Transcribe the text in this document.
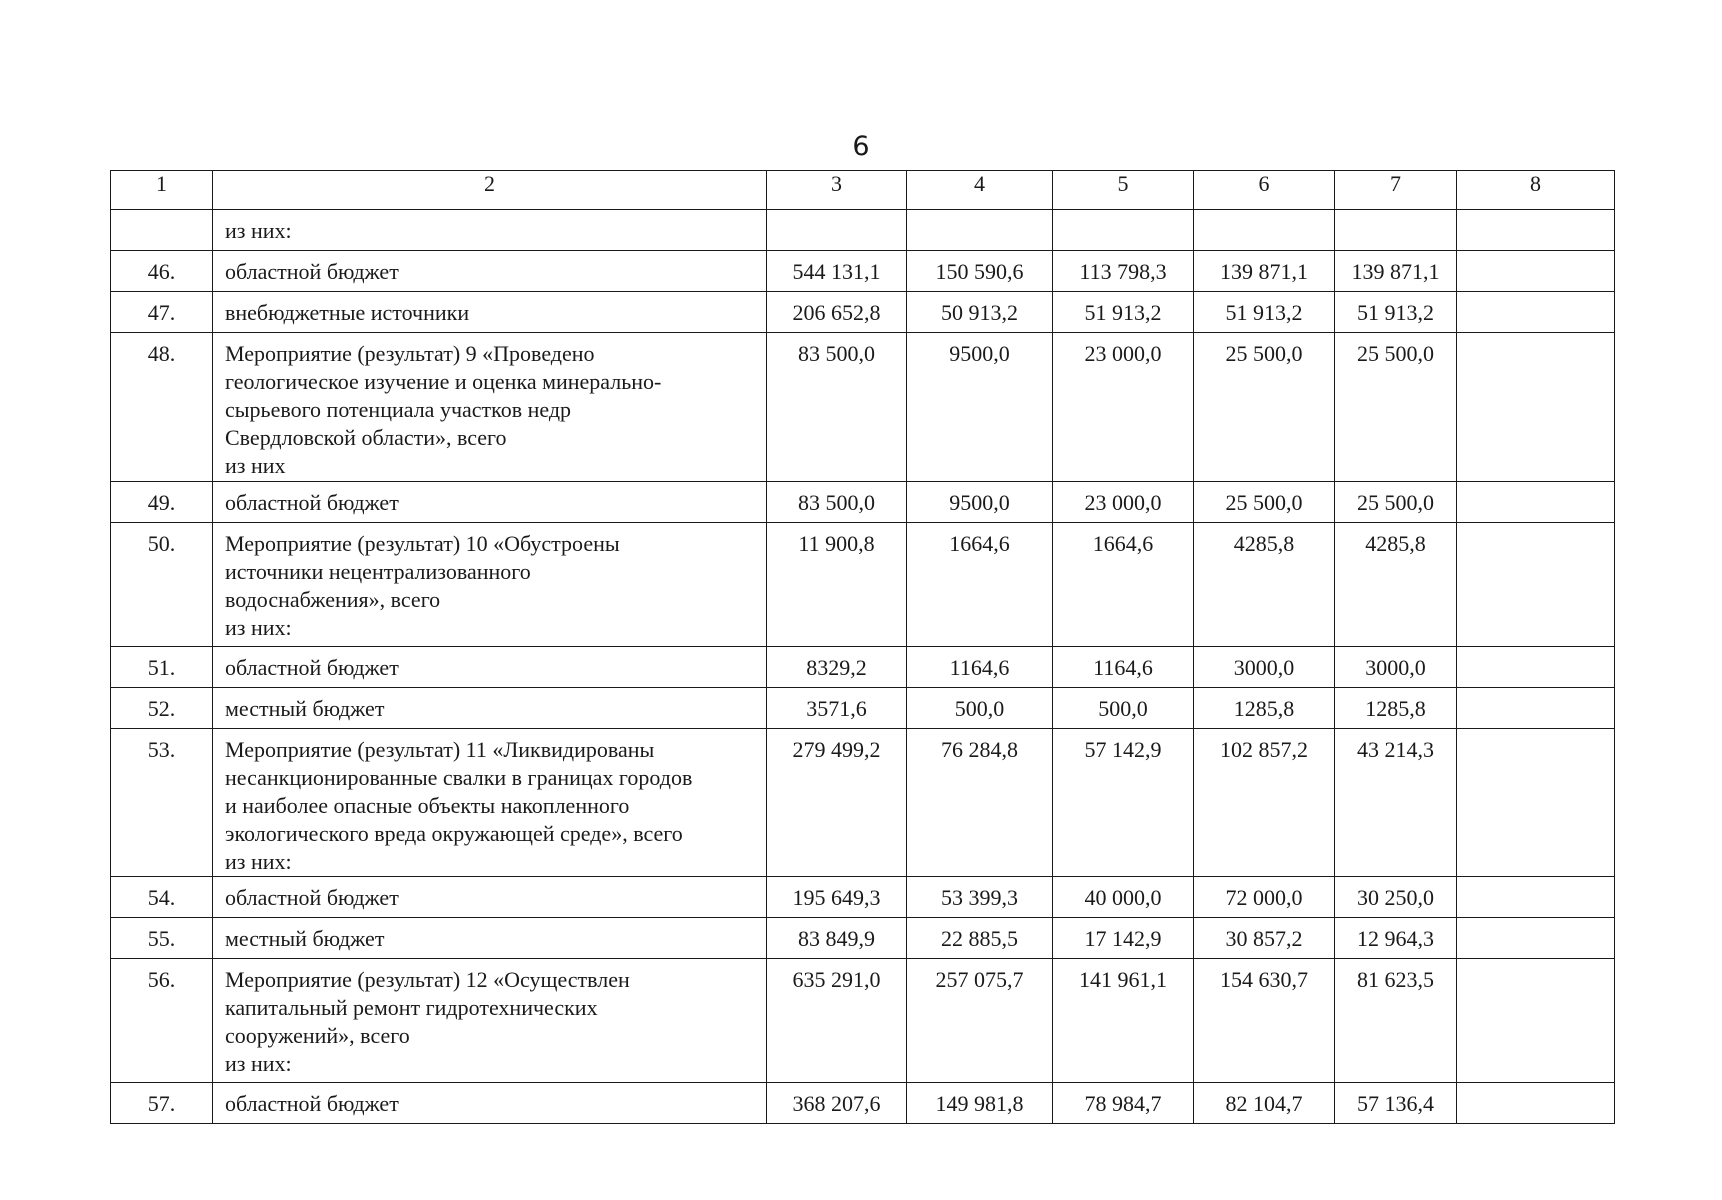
6
1	2	3	4	5	6	7	8

	из них:						

46.	областной бюджет	544 131,1	150 590,6	113 798,3	139 871,1	139 871,1	
47.	внебюджетные источники	206 652,8	50 913,2	51 913,2	51 913,2	51 913,2	
48.	Мероприятие (результат) 9 «Проведено
геологическое изучение и оценка минерально-
сырьевого потенциала участков недр
Свердловской области», всего
из них	83 500,0	9500,0	23 000,0	25 500,0	25 500,0	
49.	областной бюджет	83 500,0	9500,0	23 000,0	25 500,0	25 500,0	
50.	Мероприятие (результат) 10 «Обустроены
источники нецентрализованного
водоснабжения», всего
из них:	11 900,8	1664,6	1664,6	4285,8	4285,8	
51.	областной бюджет	8329,2	1164,6	1164,6	3000,0	3000,0	
52.	местный бюджет	3571,6	500,0	500,0	1285,8	1285,8	
53.	Мероприятие (результат) 11 «Ликвидированы
несанкционированные свалки в границах городов
и наиболее опасные объекты накопленного
экологического вреда окружающей среде», всего
из них:	279 499,2	76 284,8	57 142,9	102 857,2	43 214,3	
54.	областной бюджет	195 649,3	53 399,3	40 000,0	72 000,0	30 250,0	
55.	местный бюджет	83 849,9	22 885,5	17 142,9	30 857,2	12 964,3	
56.	Мероприятие (результат) 12 «Осуществлен
капитальный ремонт гидротехнических
сооружений», всего
из них:	635 291,0	257 075,7	141 961,1	154 630,7	81 623,5	
57.	областной бюджет	368 207,6	149 981,8	78 984,7	82 104,7	57 136,4	
